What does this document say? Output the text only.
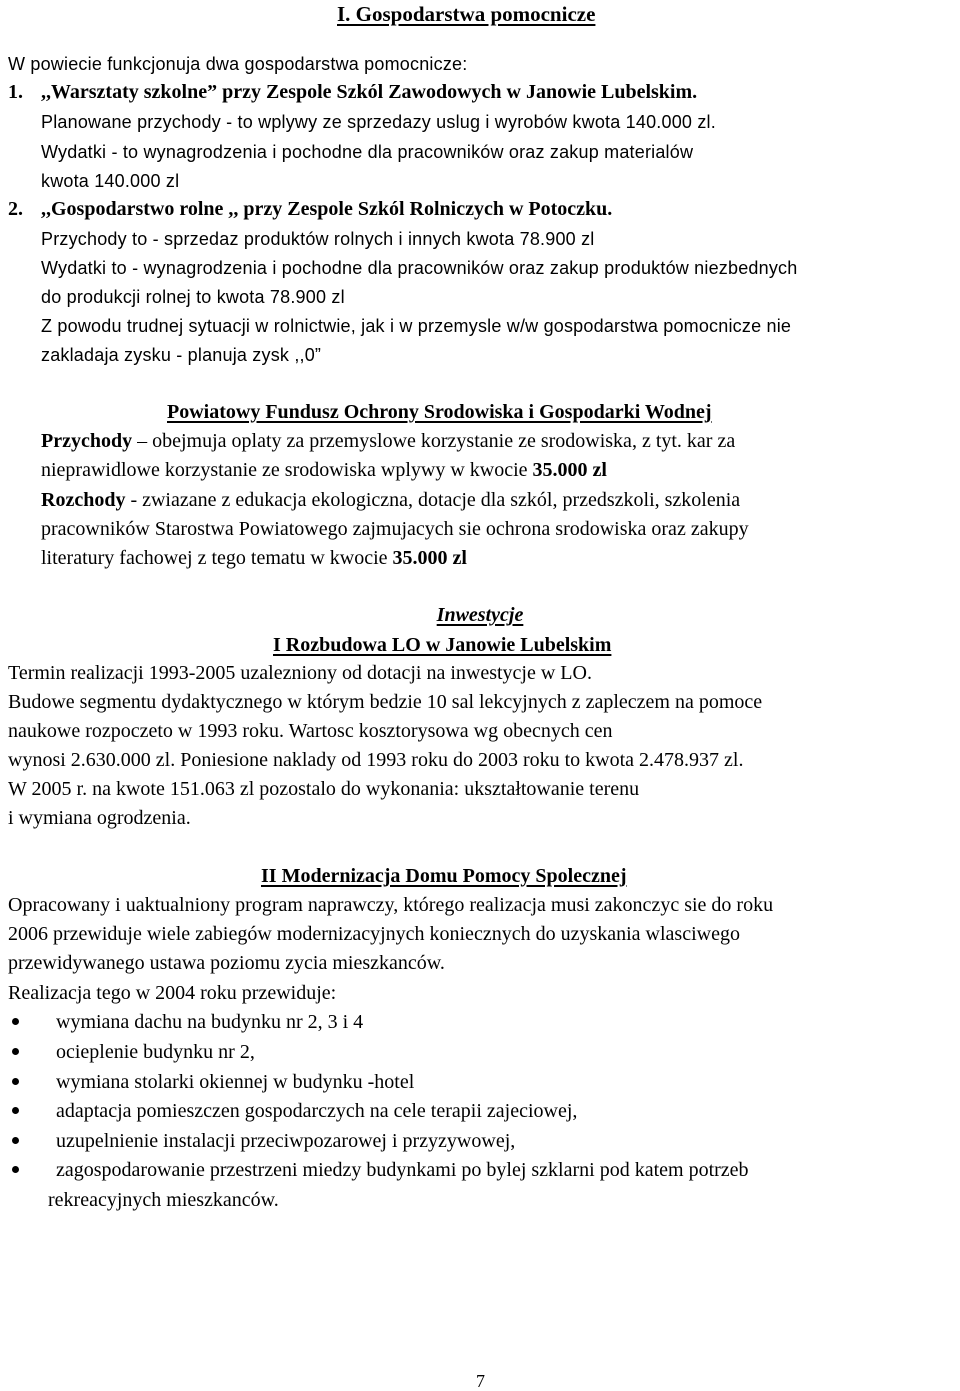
I. Gospodarstwa pomocnicze
W powiecie funkcjonuja dwa gospodarstwa pomocnicze:
1. ,,Warsztaty szkolne” przy Zespole Szkól Zawodowych w Janowie Lubelskim.
Planowane przychody - to wplywy ze sprzedazy uslug i wyrobów kwota 140.000 zl.
Wydatki - to wynagrodzenia i pochodne dla pracowników oraz zakup materialów
kwota 140.000 zl
2. ,,Gospodarstwo rolne ,, przy Zespole Szkól Rolniczych w Potoczku.
Przychody to - sprzedaz produktów rolnych i innych kwota 78.900 zl
Wydatki to - wynagrodzenia i pochodne dla pracowników oraz zakup produktów niezbednych
do produkcji rolnej to kwota 78.900 zl
Z powodu trudnej sytuacji w rolnictwie, jak i w przemysle w/w gospodarstwa pomocnicze nie
zakladaja zysku - planuja zysk ,,0”
Powiatowy Fundusz Ochrony Srodowiska i Gospodarki Wodnej
Przychody – obejmuja oplaty za przemyslowe korzystanie ze srodowiska, z tyt. kar za
nieprawidlowe korzystanie ze srodowiska wplywy w kwocie 35.000 zl
Rozchody - zwiazane z edukacja ekologiczna, dotacje dla szkól, przedszkoli, szkolenia
pracowników Starostwa Powiatowego zajmujacych sie ochrona srodowiska oraz zakupy
literatury fachowej z tego tematu w kwocie 35.000 zl
Inwestycje
I Rozbudowa LO w Janowie Lubelskim
Termin realizacji 1993-2005 uzalezniony od dotacji na inwestycje w LO.
Budowe segmentu dydaktycznego w którym bedzie 10 sal lekcyjnych z zapleczem na pomoce
naukowe rozpoczeto w 1993 roku. Wartosc kosztorysowa wg obecnych cen
wynosi 2.630.000 zl. Poniesione naklady od 1993 roku do 2003 roku to kwota 2.478.937 zl.
W 2005 r. na kwote 151.063 zl pozostalo do wykonania: ukształtowanie terenu
i wymiana ogrodzenia.
II Modernizacja Domu Pomocy Spolecznej
Opracowany i uaktualniony program naprawczy, którego realizacja musi zakonczyc sie do roku
2006 przewiduje wiele zabiegów modernizacyjnych koniecznych do uzyskania wlasciwego
przewidywanego ustawa poziomu zycia mieszkanców.
Realizacja tego w 2004 roku przewiduje:
wymiana dachu na budynku nr 2, 3 i 4
ocieplenie budynku nr 2,
wymiana stolarki okiennej w budynku -hotel
adaptacja pomieszczen gospodarczych na cele terapii zajeciowej,
uzupelnienie instalacji przeciwpozarowej i przyzywowej,
zagospodarowanie przestrzeni miedzy budynkami po bylej szklarni pod katem potrzeb
rekreacyjnych mieszkanców.
7
